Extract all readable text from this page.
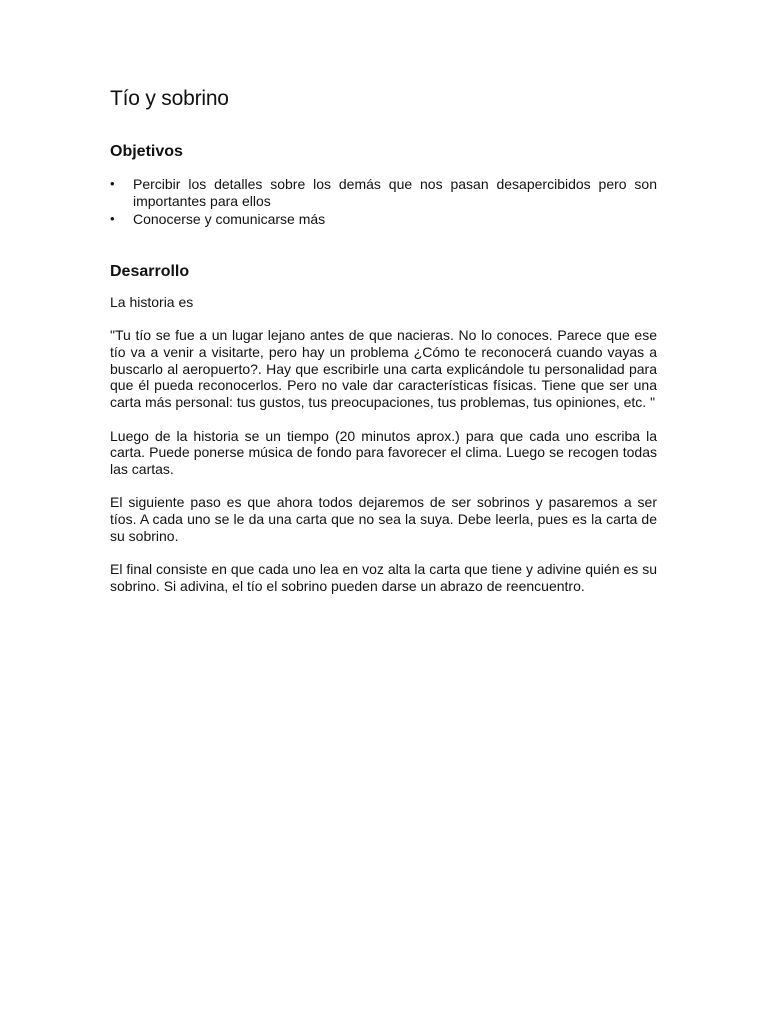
Tío y sobrino
Objetivos
• Percibir los detalles sobre los demás que nos pasan desapercibidos pero son importantes para ellos
• Conocerse y comunicarse más
Desarrollo

La historia es

"Tu tío se fue a un lugar lejano antes de que nacieras. No lo conoces. Parece que ese tío va a venir a visitarte, pero hay un problema ¿Cómo te reconocerá cuando vayas a buscarlo al aeropuerto?. Hay que escribirle una carta explicándole tu personalidad para que él pueda reconocerlos. Pero no vale dar características físicas. Tiene que ser una carta más personal: tus gustos, tus preocupaciones, tus problemas, tus opiniones, etc. "

Luego de la historia se un tiempo (20 minutos aprox.) para que cada uno escriba la carta. Puede ponerse música de fondo para favorecer el clima. Luego se recogen todas las cartas.

El siguiente paso es que ahora todos dejaremos de ser sobrinos y pasaremos a ser tíos. A cada uno se le da una carta que no sea la suya. Debe leerla, pues es la carta de su sobrino.

El final consiste en que cada uno lea en voz alta la carta que tiene y adivine quién es su sobrino. Si adivina, el tío el sobrino pueden darse un abrazo de reencuentro.
